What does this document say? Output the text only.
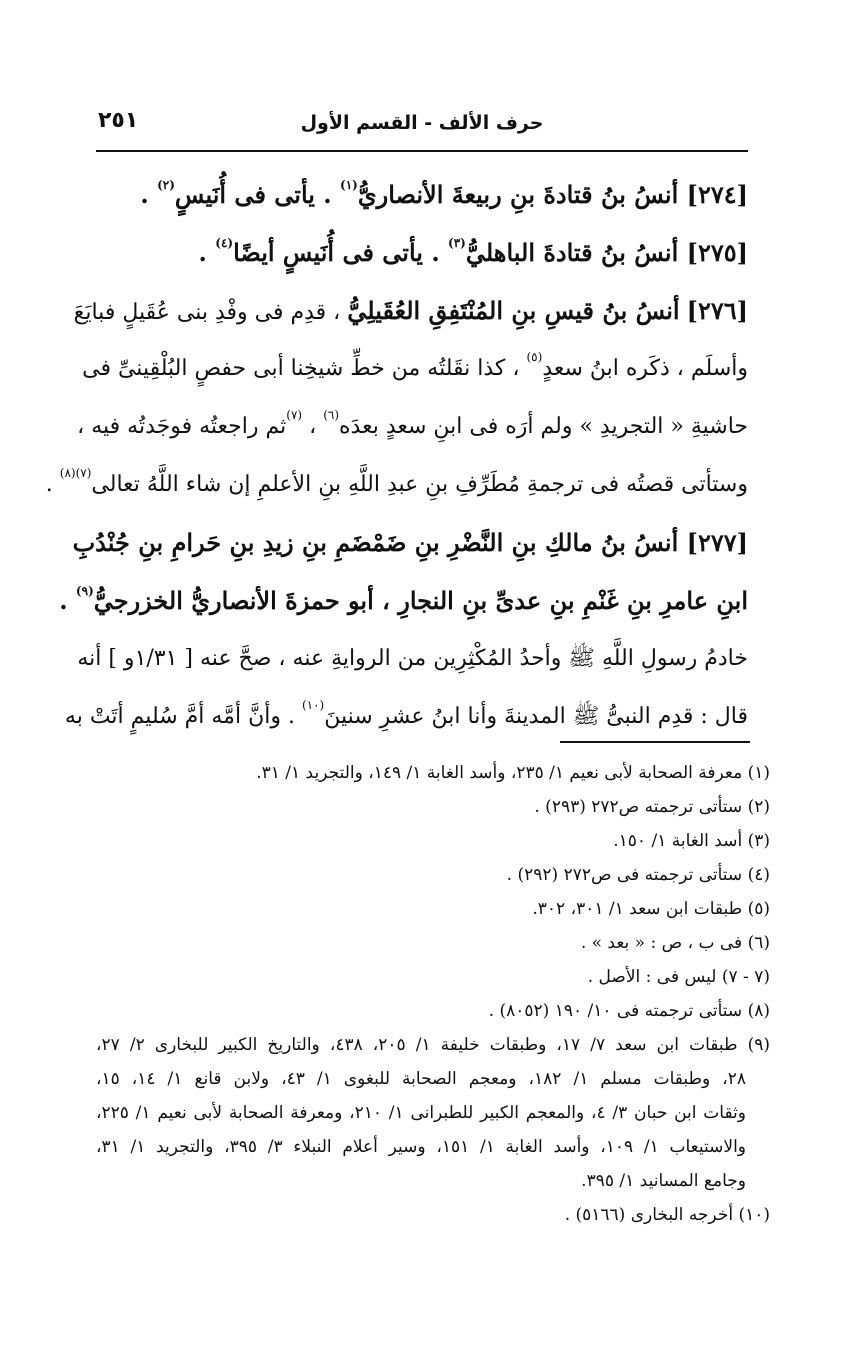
حرف الألف - القسم الأول
٢٥١
[٢٧٤] أنسُ بنُ قتادةَ بنِ ربيعةَ الأنصاريُّ$^{(١)}$ . يأتى فى أُنَيسٍ$^{(٢)}$ .
[٢٧٥] أنسُ بنُ قتادةَ الباهليُّ$^{(٣)}$ . يأتى فى أُنَيسٍ أيضًا$^{(٤)}$ .
[٢٧٦] أنسُ بنُ قيسِ بنِ المُنْتَفِقِ العُقَيلِيُّ ، قدِم فى وفْدِ بنى عُقَيلٍ فبايَعَ
وأسلَم ، ذكَره ابنُ سعدٍ$^{(٥)}$ ، كذا نقَلتُه من خطِّ شيخِنا أبى حفصٍ البُلْقِينىِّ فى
حاشيةِ « التجريدِ » ولم أرَه فى ابنِ سعدٍ بعدَه$^{(٦)}$ ، $^{(٧)}$ثم راجعتُه فوجَدتُه فيه ،
وستأتى قصتُه فى ترجمةِ مُطَرِّفِ بنِ عبدِ اللَّهِ بنِ الأعلمِ إن شاء اللَّهُ تعالى$^{(٧)(٨)}$ .
[٢٧٧] أنسُ بنُ مالكِ بنِ النَّضْرِ بنِ ضَمْضَمِ بنِ زيدِ بنِ حَرامِ بنِ جُنْدُبِ
ابنِ عامرِ بنِ غَنْمِ بنِ عدىِّ بنِ النجارِ ، أبو حمزةَ الأنصاريُّ الخزرجيُّ$^{(٩)}$ .
خادمُ رسولِ اللَّهِ ﷺ وأحدُ المُكْثِرِين من الروايةِ عنه ، صحَّ عنه [ ١/٣١و ] أنه
قال : قدِم النبىُّ ﷺ المدينةَ وأنا ابنُ عشرِ سنينَ$^{(١٠)}$ . وأنَّ أمَّه أمَّ سُليمٍ أتَتْ به
(١) معرفة الصحابة لأبى نعيم ١/ ٢٣٥، وأسد الغابة ١/ ١٤٩، والتجريد ١/ ٣١.
(٢) ستأتى ترجمته ص٢٧٢ (٢٩٣) .
(٣) أسد الغابة ١/ ١٥٠.
(٤) ستأتى ترجمته فى ص٢٧٢ (٢٩٢) .
(٥) طبقات ابن سعد ١/ ٣٠١، ٣٠٢.
(٦) فى ب ، ص : « بعد » .
(٧ - ٧) ليس فى : الأصل .
(٨) ستأتى ترجمته فى ١٠/ ١٩٠ (٨٠٥٢) .
(٩) طبقات ابن سعد ٧/ ١٧، وطبقات خليفة ١/ ٢٠٥، ٤٣٨، والتاريخ الكبير للبخارى ٢/ ٢٧،
٢٨، وطبقات مسلم ١/ ١٨٢، ومعجم الصحابة للبغوى ١/ ٤٣، ولابن قانع ١/ ١٤، ١٥،
وثقات ابن حبان ٣/ ٤، والمعجم الكبير للطبرانى ١/ ٢١٠، ومعرفة الصحابة لأبى نعيم ١/ ٢٢٥،
والاستيعاب ١/ ١٠٩، وأسد الغابة ١/ ١٥١، وسير أعلام النبلاء ٣/ ٣٩٥، والتجريد ١/ ٣١،
وجامع المسانيد ١/ ٣٩٥.
(١٠) أخرجه البخارى (٥١٦٦) .
